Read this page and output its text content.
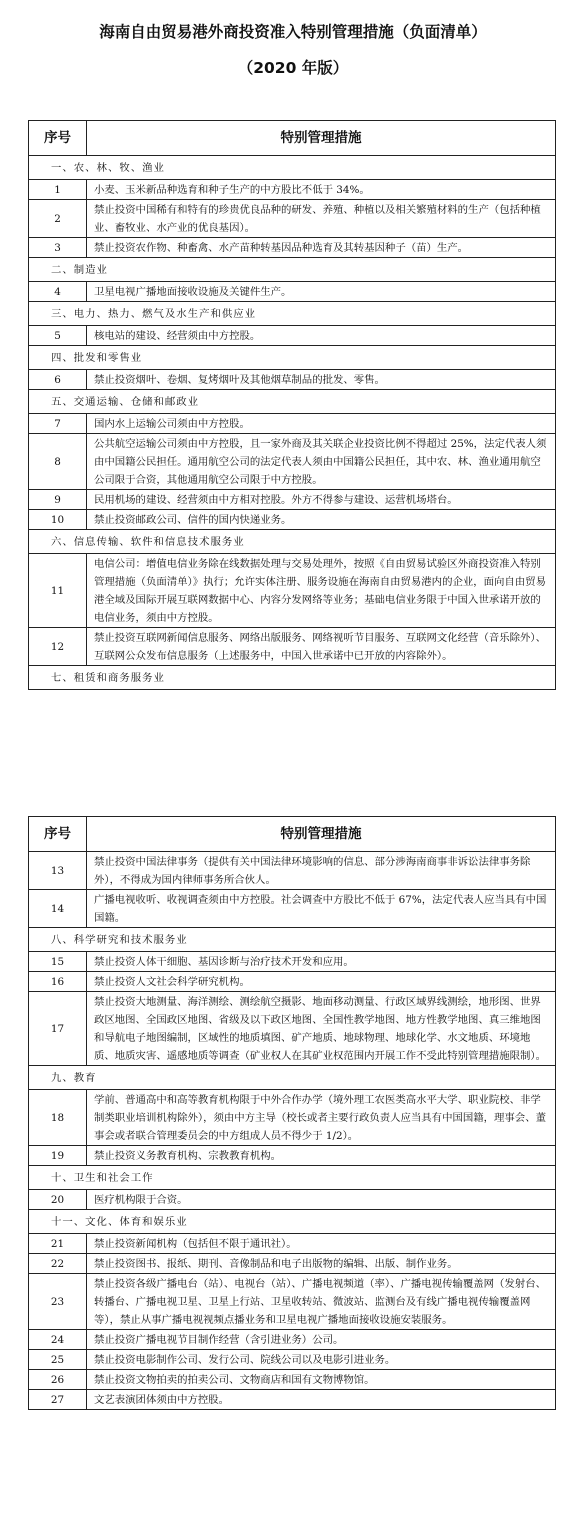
海南自由贸易港外商投资准入特别管理措施（负面清单）
（2020 年版）
序号	特别管理措施
一、农、林、牧、渔业	
1	小麦、玉米新品种选育和种子生产的中方股比不低于 34%。
2	禁止投资中国稀有和特有的珍贵优良品种的研发、养殖、种植以及相关繁殖材料的生产（包括种植业、畜牧业、水产业的优良基因）。
3	禁止投资农作物、种畜禽、水产苗种转基因品种选育及其转基因种子（苗）生产。
二、制造业	
4	卫星电视广播地面接收设施及关键件生产。
三、电力、热力、燃气及水生产和供应业	
5	核电站的建设、经营须由中方控股。
四、批发和零售业	
6	禁止投资烟叶、卷烟、复烤烟叶及其他烟草制品的批发、零售。
五、交通运输、仓储和邮政业	
7	国内水上运输公司须由中方控股。
8	公共航空运输公司须由中方控股，且一家外商及其关联企业投资比例不得超过 25%，法定代表人须由中国籍公民担任。通用航空公司的法定代表人须由中国籍公民担任，其中农、林、渔业通用航空公司限于合资，其他通用航空公司限于中方控股。
9	民用机场的建设、经营须由中方相对控股。外方不得参与建设、运营机场塔台。
10	禁止投资邮政公司、信件的国内快递业务。
六、信息传输、软件和信息技术服务业	
11	电信公司：增值电信业务除在线数据处理与交易处理外，按照《自由贸易试验区外商投资准入特别管理措施（负面清单）》执行；允许实体注册、服务设施在海南自由贸易港内的企业，面向自由贸易港全域及国际开展互联网数据中心、内容分发网络等业务；基础电信业务限于中国入世承诺开放的电信业务，须由中方控股。
12	禁止投资互联网新闻信息服务、网络出版服务、网络视听节目服务、互联网文化经营（音乐除外）、互联网公众发布信息服务（上述服务中，中国入世承诺中已开放的内容除外）。
七、租赁和商务服务业	
序号	特别管理措施
13	禁止投资中国法律事务（提供有关中国法律环境影响的信息、部分涉海南商事非诉讼法律事务除外），不得成为国内律师事务所合伙人。
14	广播电视收听、收视调查须由中方控股。社会调查中方股比不低于 67%，法定代表人应当具有中国国籍。
八、科学研究和技术服务业	
15	禁止投资人体干细胞、基因诊断与治疗技术开发和应用。
16	禁止投资人文社会科学研究机构。
17	禁止投资大地测量、海洋测绘、测绘航空摄影、地面移动测量、行政区域界线测绘，地形图、世界政区地图、全国政区地图、省级及以下政区地图、全国性教学地图、地方性教学地图、真三维地图和导航电子地图编制，区域性的地质填图、矿产地质、地球物理、地球化学、水文地质、环境地质、地质灾害、遥感地质等调查（矿业权人在其矿业权范围内开展工作不受此特别管理措施限制）。
九、教育	
18	学前、普通高中和高等教育机构限于中外合作办学（境外理工农医类高水平大学、职业院校、非学制类职业培训机构除外），须由中方主导（校长或者主要行政负责人应当具有中国国籍，理事会、董事会或者联合管理委员会的中方组成人员不得少于 1/2）。
19	禁止投资义务教育机构、宗教教育机构。
十、卫生和社会工作	
20	医疗机构限于合资。
十一、文化、体育和娱乐业	
21	禁止投资新闻机构（包括但不限于通讯社）。
22	禁止投资图书、报纸、期刊、音像制品和电子出版物的编辑、出版、制作业务。
23	禁止投资各级广播电台（站）、电视台（站）、广播电视频道（率）、广播电视传输覆盖网（发射台、转播台、广播电视卫星、卫星上行站、卫星收转站、微波站、监测台及有线广播电视传输覆盖网等），禁止从事广播电视视频点播业务和卫星电视广播地面接收设施安装服务。
24	禁止投资广播电视节目制作经营（含引进业务）公司。
25	禁止投资电影制作公司、发行公司、院线公司以及电影引进业务。
26	禁止投资文物拍卖的拍卖公司、文物商店和国有文物博物馆。
27	文艺表演团体须由中方控股。
